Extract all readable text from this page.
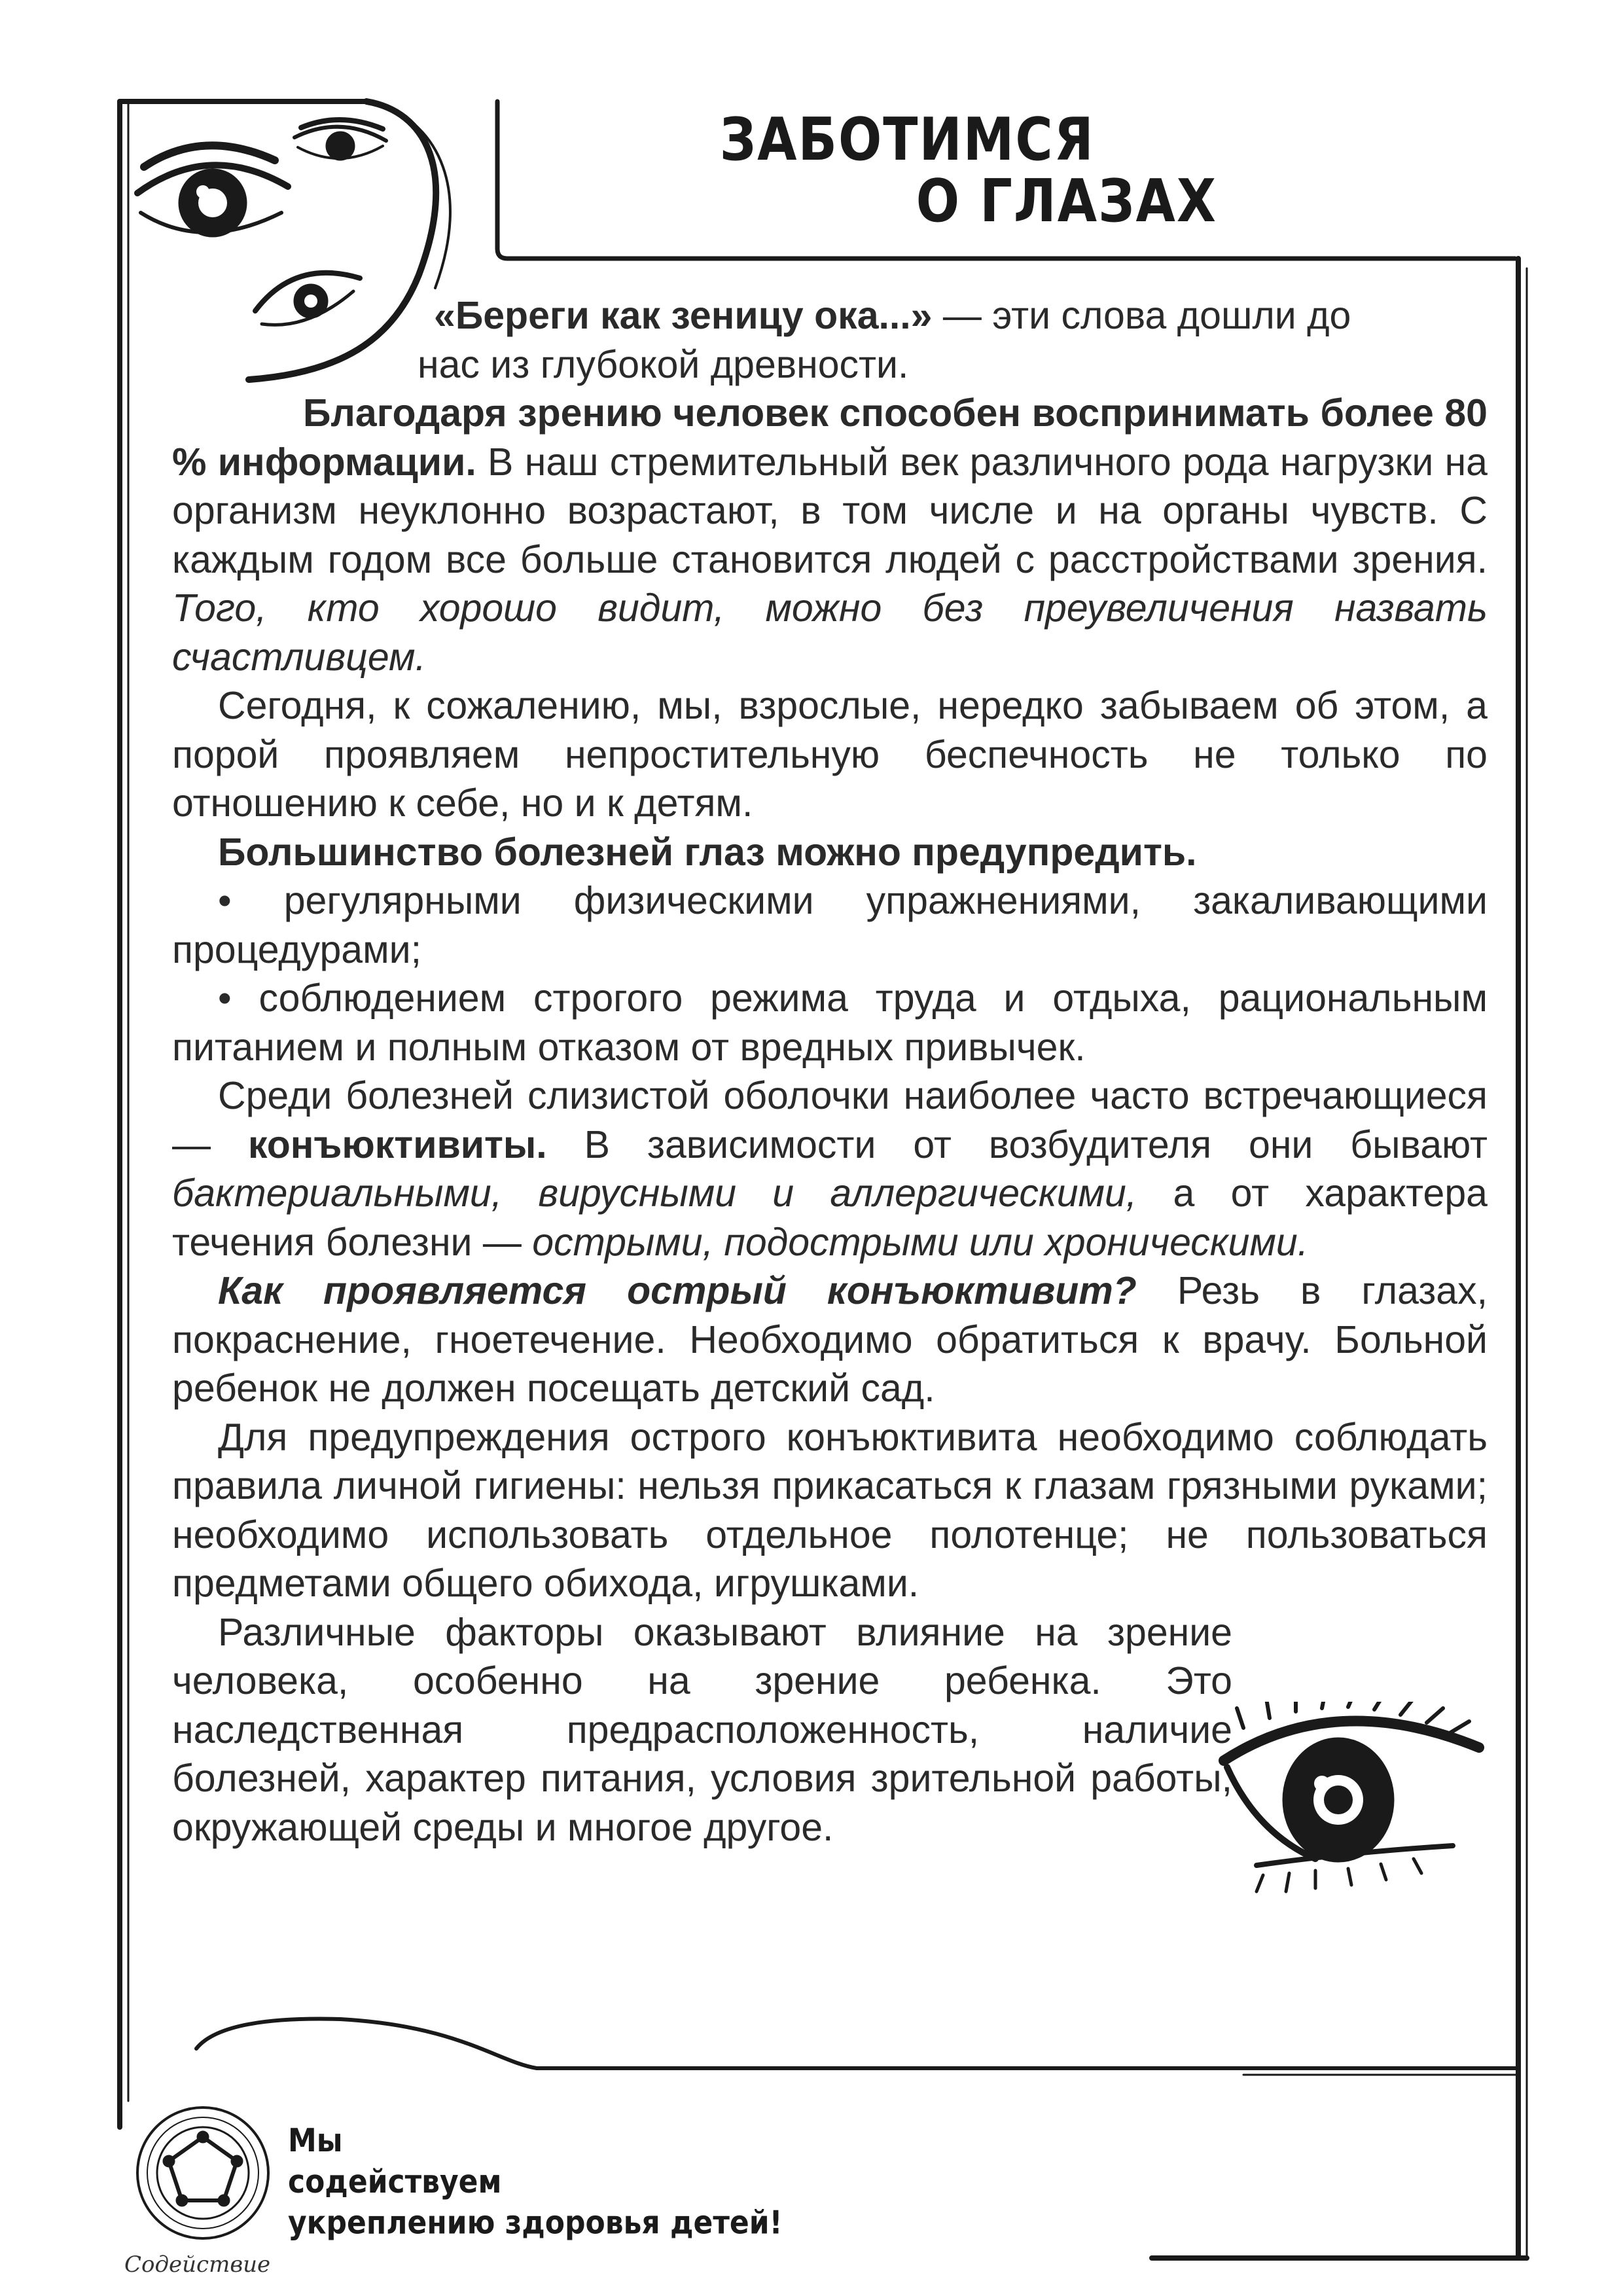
ЗАБОТИМСЯ
О ГЛАЗАХ

«Береги как зеницу ока...» — эти слова дошли до

нас из глубокой древности.

Благодаря зрению человек способен воспринимать более 80 % информации. В наш стремительный век различного рода нагрузки на организм неуклонно возрастают, в том числе и на органы чувств. С каждым годом все больше становится людей с расстройствами зрения. Того, кто хорошо видит, можно без преувеличения назвать счастливцем.

Сегодня, к сожалению, мы, взрослые, нередко забываем об этом, а порой проявляем непростительную беспечность не только по отношению к себе, но и к детям.

Большинство болезней глаз можно предупредить.

• регулярными физическими упражнениями, закаливающими процедурами;

• соблюдением строгого режима труда и отдыха, рациональным питанием и полным отказом от вредных привычек.

Среди болезней слизистой оболочки наиболее часто встречающиеся — конъюктивиты. В зависимости от возбудителя они бывают бактериальными, вирусными и аллергическими, а от характера течения болезни — острыми, подострыми или хроническими.

Как проявляется острый конъюктивит? Резь в глазах, покраснение, гноетечение. Необходимо обратиться к врачу. Больной ребенок не должен посещать детский сад.

Для предупреждения острого конъюктивита необходимо соблюдать правила личной гигиены: нельзя прикасаться к глазам грязными руками; необходимо использовать отдельное полотенце; не пользоваться предметами общего обихода, игрушками.

Различные факторы оказывают влияние на зрение человека, особенно на зрение ребенка. Это наследственная предрасположенность, наличие болезней, характер питания, условия зрительной работы, окружающей среды и многое другое.

Содействие
Мы
содействуем
укреплению здоровья детей!
